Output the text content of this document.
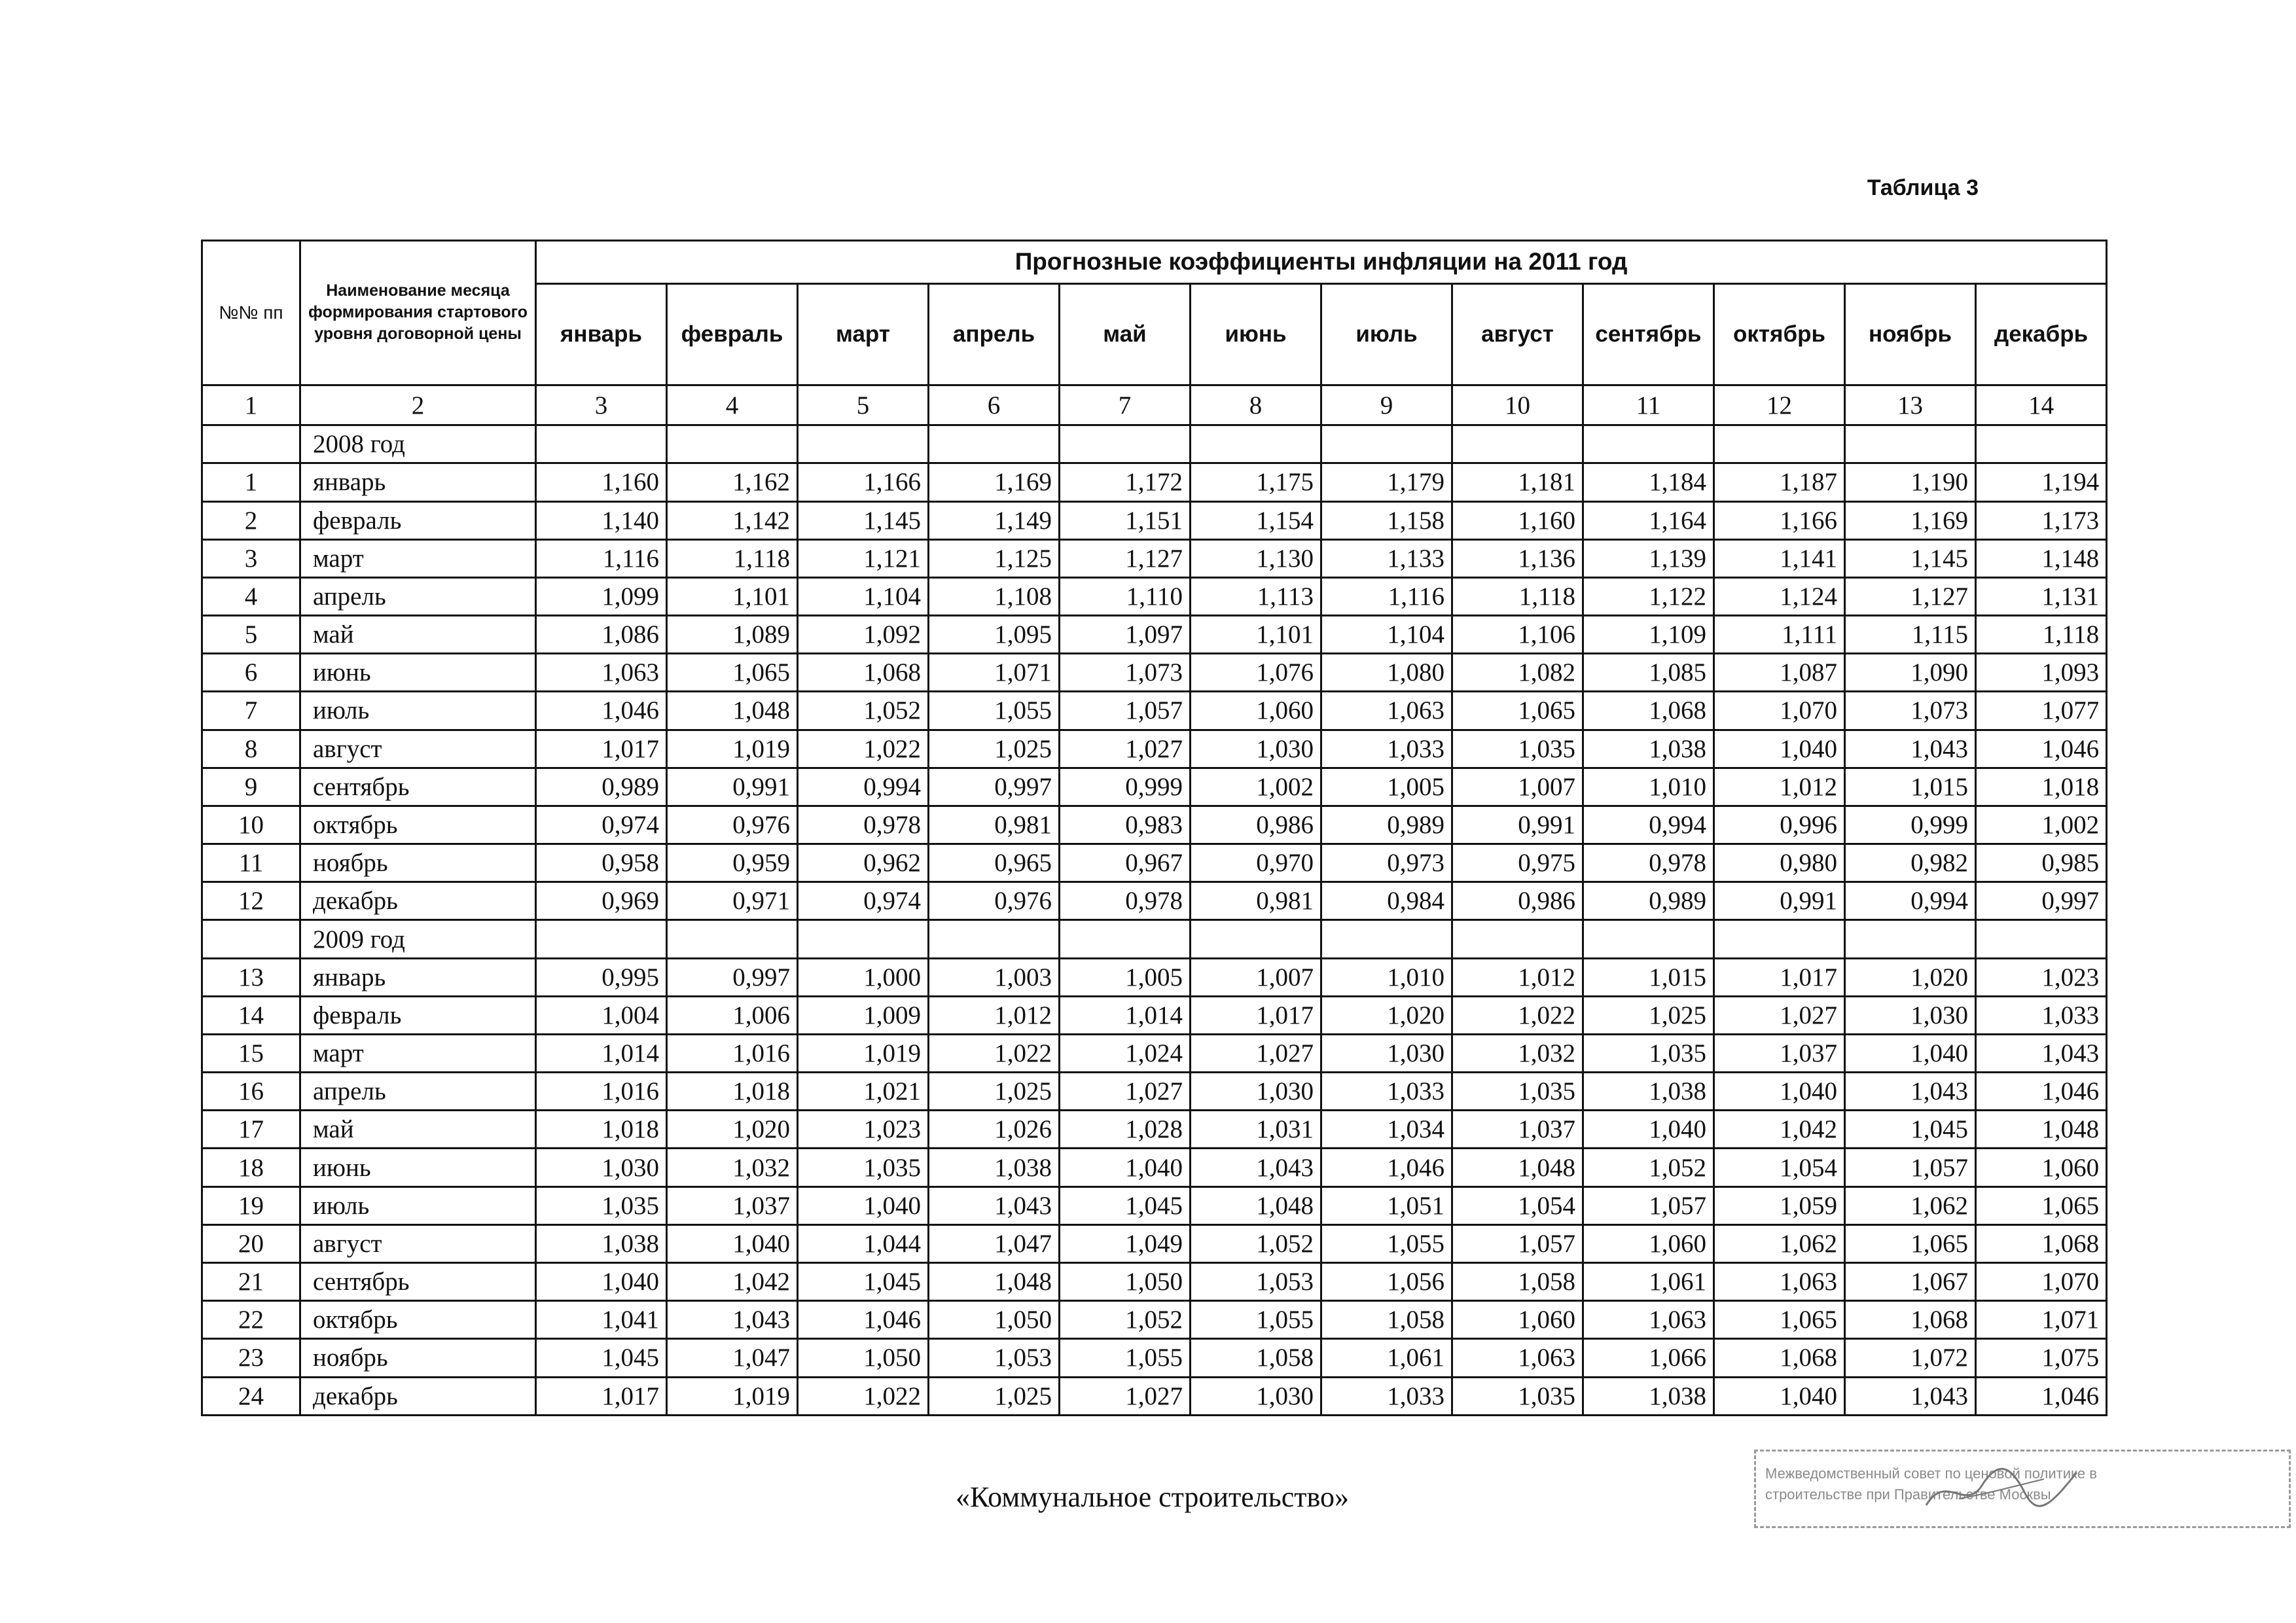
Таблица 3
№№ пп	Наименование месяца формирования стартового уровня договорной цены	Прогнозные коэффициенты инфляции на 2011 год											
		январь	февраль	март	апрель	май	июнь	июль	август	сентябрь	октябрь	ноябрь	декабрь
1	2	3	4	5	6	7	8	9	10	11	12	13	14
	2008 год												
1	январь	1,160	1,162	1,166	1,169	1,172	1,175	1,179	1,181	1,184	1,187	1,190	1,194
2	февраль	1,140	1,142	1,145	1,149	1,151	1,154	1,158	1,160	1,164	1,166	1,169	1,173
3	март	1,116	1,118	1,121	1,125	1,127	1,130	1,133	1,136	1,139	1,141	1,145	1,148
4	апрель	1,099	1,101	1,104	1,108	1,110	1,113	1,116	1,118	1,122	1,124	1,127	1,131
5	май	1,086	1,089	1,092	1,095	1,097	1,101	1,104	1,106	1,109	1,111	1,115	1,118
6	июнь	1,063	1,065	1,068	1,071	1,073	1,076	1,080	1,082	1,085	1,087	1,090	1,093
7	июль	1,046	1,048	1,052	1,055	1,057	1,060	1,063	1,065	1,068	1,070	1,073	1,077
8	август	1,017	1,019	1,022	1,025	1,027	1,030	1,033	1,035	1,038	1,040	1,043	1,046
9	сентябрь	0,989	0,991	0,994	0,997	0,999	1,002	1,005	1,007	1,010	1,012	1,015	1,018
10	октябрь	0,974	0,976	0,978	0,981	0,983	0,986	0,989	0,991	0,994	0,996	0,999	1,002
11	ноябрь	0,958	0,959	0,962	0,965	0,967	0,970	0,973	0,975	0,978	0,980	0,982	0,985
12	декабрь	0,969	0,971	0,974	0,976	0,978	0,981	0,984	0,986	0,989	0,991	0,994	0,997
	2009 год												
13	январь	0,995	0,997	1,000	1,003	1,005	1,007	1,010	1,012	1,015	1,017	1,020	1,023
14	февраль	1,004	1,006	1,009	1,012	1,014	1,017	1,020	1,022	1,025	1,027	1,030	1,033
15	март	1,014	1,016	1,019	1,022	1,024	1,027	1,030	1,032	1,035	1,037	1,040	1,043
16	апрель	1,016	1,018	1,021	1,025	1,027	1,030	1,033	1,035	1,038	1,040	1,043	1,046
17	май	1,018	1,020	1,023	1,026	1,028	1,031	1,034	1,037	1,040	1,042	1,045	1,048
18	июнь	1,030	1,032	1,035	1,038	1,040	1,043	1,046	1,048	1,052	1,054	1,057	1,060
19	июль	1,035	1,037	1,040	1,043	1,045	1,048	1,051	1,054	1,057	1,059	1,062	1,065
20	август	1,038	1,040	1,044	1,047	1,049	1,052	1,055	1,057	1,060	1,062	1,065	1,068
21	сентябрь	1,040	1,042	1,045	1,048	1,050	1,053	1,056	1,058	1,061	1,063	1,067	1,070
22	октябрь	1,041	1,043	1,046	1,050	1,052	1,055	1,058	1,060	1,063	1,065	1,068	1,071
23	ноябрь	1,045	1,047	1,050	1,053	1,055	1,058	1,061	1,063	1,066	1,068	1,072	1,075
24	декабрь	1,017	1,019	1,022	1,025	1,027	1,030	1,033	1,035	1,038	1,040	1,043	1,046
«Коммунальное строительство»
Межведомственный совет по ценовой политике в
строительстве при Правительстве Москвы
